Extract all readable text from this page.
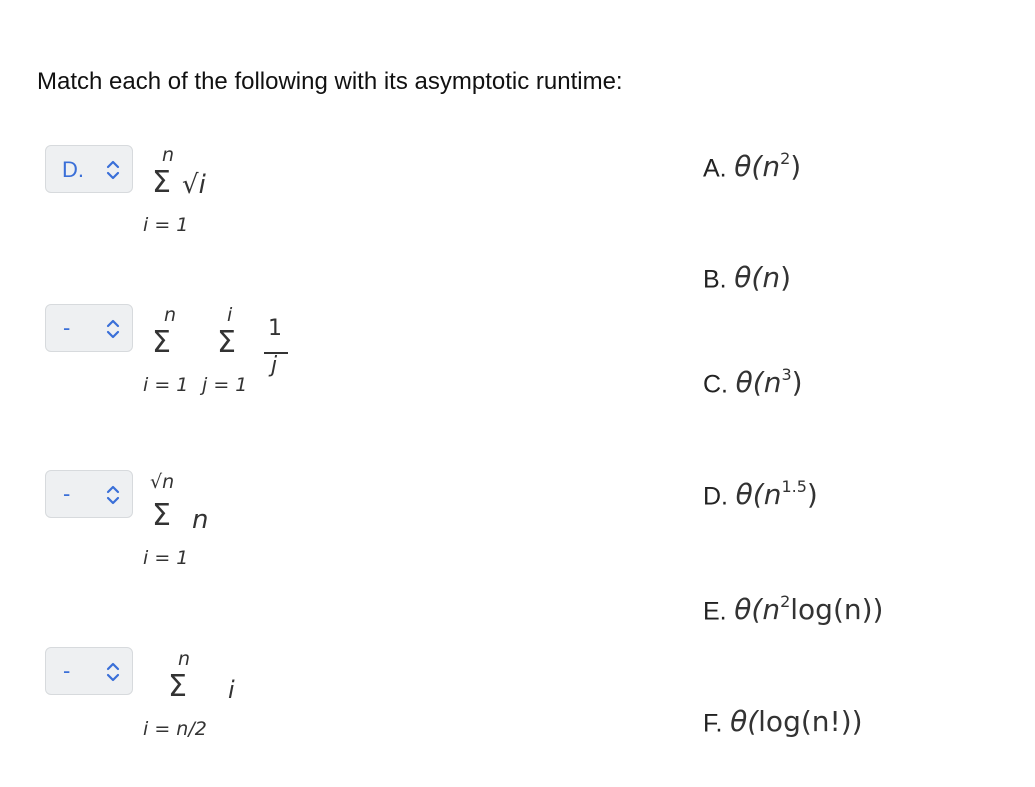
Match each of the following with its asymptotic runtime:
D.
n
Σ
i = 1
√i
-	n
Σ
i = 1
i
Σ
j = 1
1
j
-	√n
Σ
i = 1
n
-	n
Σ
i = n/2
i
A. $\theta(n^2)$
B. θ(n)
C. $\theta(n^3)$
D. $\theta(n^{1.5})$
E. $\theta(n^2\log(n))$
F. θ(log(n!))
